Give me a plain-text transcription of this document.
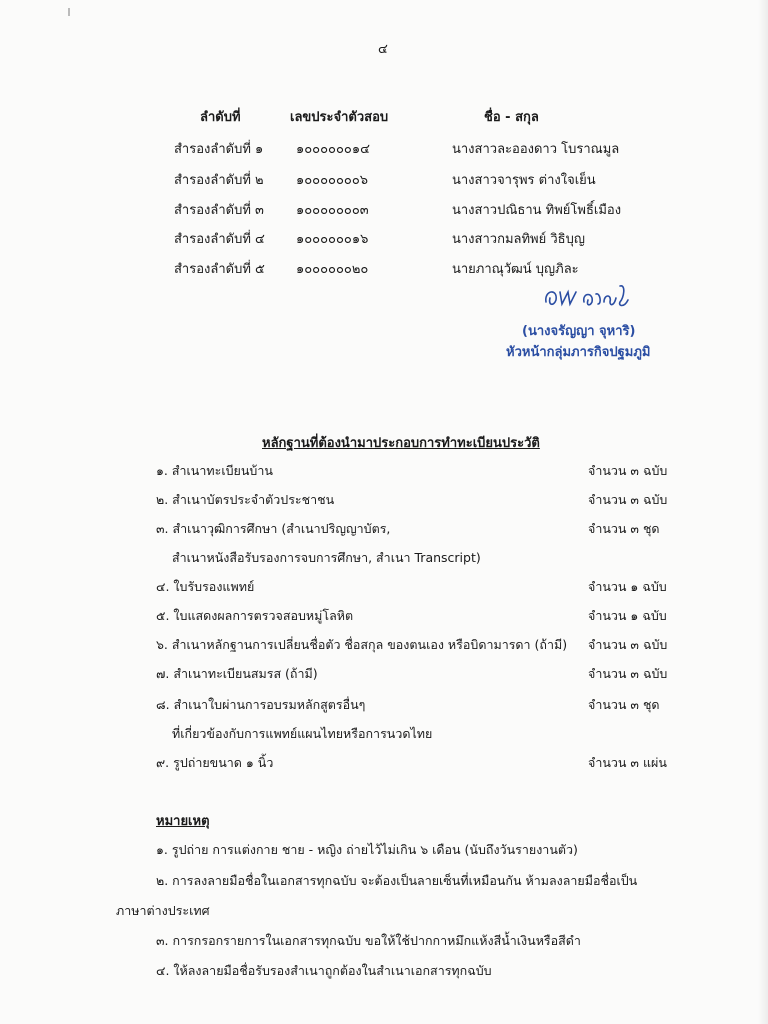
๔
ลำดับที่	เลขประจำตัวสอบ	ชื่อ - สกุล
สำรองลำดับที่ ๑	๑๐๐๐๐๐๐๑๔	นางสาวละอองดาว โบราณมูล
สำรองลำดับที่ ๒ ๑๐๐๐๐๐๐๐๖	นางสาวจารุพร ต่างใจเย็น
สำรองลำดับที่ ๓ ๑๐๐๐๐๐๐๐๓	นางสาวปณิธาน ทิพย์โพธิ์เมือง
สำรองลำดับที่ ๔ ๑๐๐๐๐๐๐๑๖	นางสาวกมลทิพย์ วิธิบุญ
สำรองลำดับที่ ๕ ๑๐๐๐๐๐๐๒๐	นายภาณุวัฒน์ บุญภิละ
(นางจรัญญา จุหาริ)
หัวหน้ากลุ่มภารกิจปฐมภูมิ
หลักฐานที่ต้องนำมาประกอบการทำทะเบียนประวัติ
๑. สำเนาทะเบียนบ้าน	จำนวน ๓ ฉบับ
๒. สำเนาบัตรประจำตัวประชาชน	จำนวน ๓ ฉบับ
๓. สำเนาวุฒิการศึกษา (สำเนาปริญญาบัตร,	จำนวน ๓ ชุด
สำเนาหนังสือรับรองการจบการศึกษา, สำเนา Transcript)
๔. ใบรับรองแพทย์	จำนวน ๑ ฉบับ
๕. ใบแสดงผลการตรวจสอบหมู่โลหิต	จำนวน ๑ ฉบับ
๖. สำเนาหลักฐานการเปลี่ยนชื่อตัว ชื่อสกุล ของตนเอง หรือบิดามารดา (ถ้ามี) จำนวน ๓ ฉบับ
๗. สำเนาทะเบียนสมรส (ถ้ามี)	จำนวน ๓ ฉบับ
๘. สำเนาใบผ่านการอบรมหลักสูตรอื่นๆ	จำนวน ๓ ชุด
ที่เกี่ยวข้องกับการแพทย์แผนไทยหรือการนวดไทย
๙. รูปถ่ายขนาด ๑ นิ้ว	จำนวน ๓ แผ่น
หมายเหตุ
๑. รูปถ่าย การแต่งกาย ชาย - หญิง ถ่ายไว้ไม่เกิน ๖ เดือน (นับถึงวันรายงานตัว)
๒. การลงลายมือชื่อในเอกสารทุกฉบับ จะต้องเป็นลายเซ็นที่เหมือนกัน ห้ามลงลายมือชื่อเป็น
ภาษาต่างประเทศ
๓. การกรอกรายการในเอกสารทุกฉบับ ขอให้ใช้ปากกาหมึกแห้งสีน้ำเงินหรือสีดำ
๔. ให้ลงลายมือชื่อรับรองสำเนาถูกต้องในสำเนาเอกสารทุกฉบับ
